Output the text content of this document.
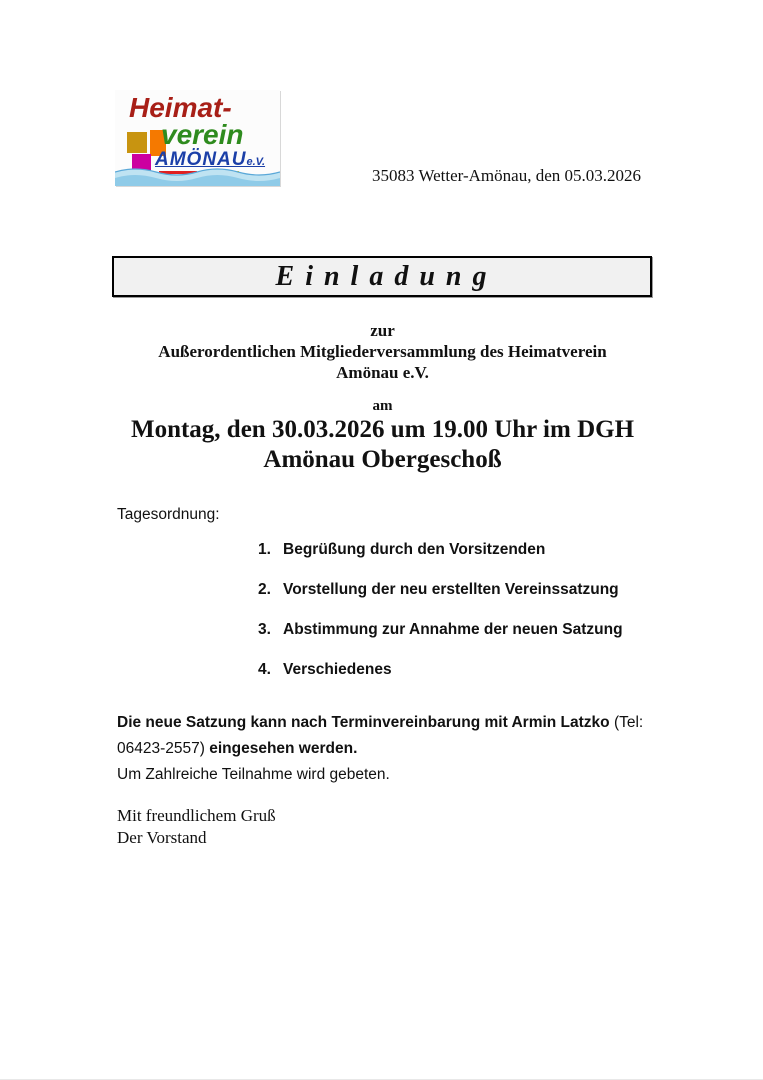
Heimat-
verein
AMÖNAUe.V.
35083 Wetter-Amönau, den 05.03.2026
E i n l a d u n g
zur
Außerordentlichen Mitgliederversammlung des Heimatverein
Amönau e.V.
am
Montag, den 30.03.2026 um 19.00 Uhr im DGH
Amönau Obergeschoß
Tagesordnung:
1. Begrüßung durch den Vorsitzenden
2. Vorstellung der neu erstellten Vereinssatzung
3. Abstimmung zur Annahme der neuen Satzung
4. Verschiedenes
Die neue Satzung kann nach Terminvereinbarung mit Armin Latzko (Tel: 06423-2557) eingesehen werden.
Um Zahlreiche Teilnahme wird gebeten.
Mit freundlichem Gruß
Der Vorstand
